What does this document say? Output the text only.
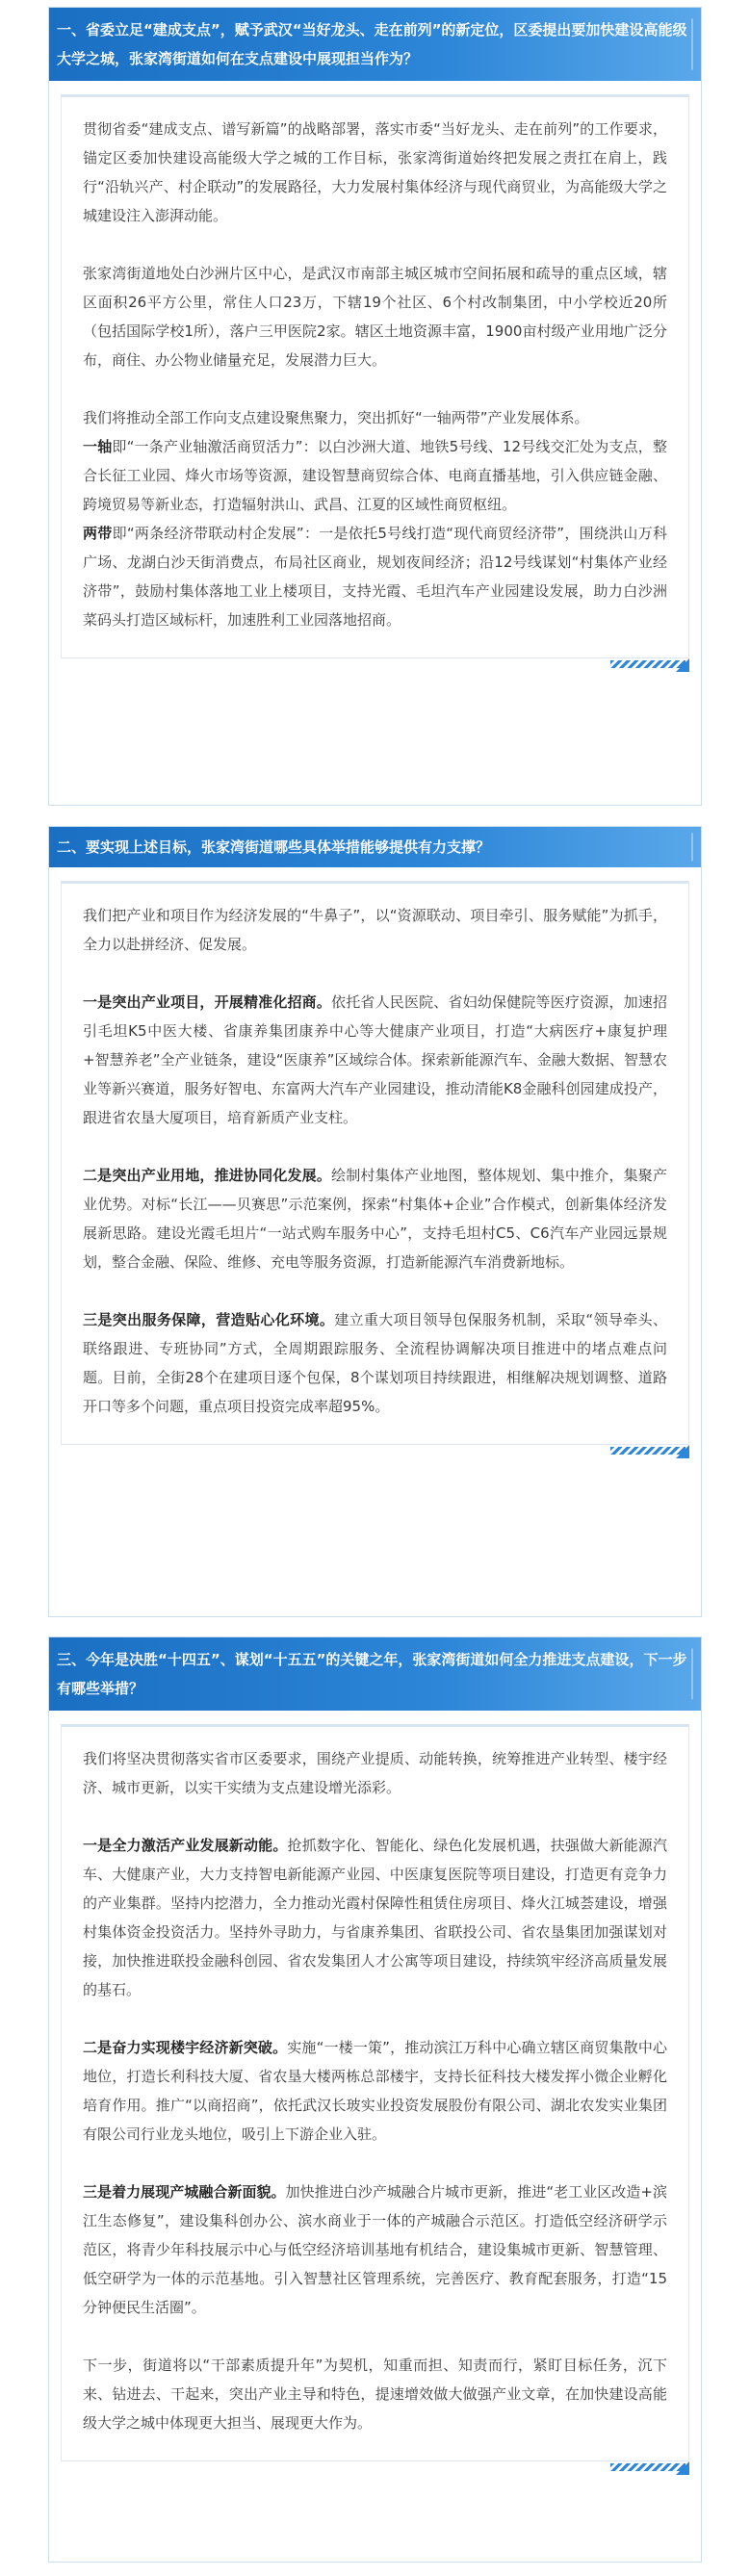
一、省委立足“建成支点”，赋予武汉“当好龙头、走在前列”的新定位，区委提出要加快建设高能级大学之城，张家湾街道如何在支点建设中展现担当作为？

贯彻省委“建成支点、谱写新篇”的战略部署，落实市委“当好龙头、走在前列”的工作要求，锚定区委加快建设高能级大学之城的工作目标，张家湾街道始终把发展之责扛在肩上，践行“沿轨兴产、村企联动”的发展路径，大力发展村集体经济与现代商贸业，为高能级大学之城建设注入澎湃动能。

张家湾街道地处白沙洲片区中心，是武汉市南部主城区城市空间拓展和疏导的重点区域，辖区面积26平方公里，常住人口23万，下辖19个社区、6个村改制集团，中小学校近20所（包括国际学校1所），落户三甲医院2家。辖区土地资源丰富，1900亩村级产业用地广泛分布，商住、办公物业储量充足，发展潜力巨大。

我们将推动全部工作向支点建设聚焦聚力，突出抓好“一轴两带”产业发展体系。

一轴即“一条产业轴激活商贸活力”：以白沙洲大道、地铁5号线、12号线交汇处为支点，整合长征工业园、烽火市场等资源，建设智慧商贸综合体、电商直播基地，引入供应链金融、跨境贸易等新业态，打造辐射洪山、武昌、江夏的区域性商贸枢纽。

两带即“两条经济带联动村企发展”：一是依托5号线打造“现代商贸经济带”，围绕洪山万科广场、龙湖白沙天街消费点，布局社区商业，规划夜间经济；沿12号线谋划“村集体产业经济带”，鼓励村集体落地工业上楼项目，支持光霞、毛坦汽车产业园建设发展，助力白沙洲菜码头打造区域标杆，加速胜利工业园落地招商。

二、要实现上述目标，张家湾街道哪些具体举措能够提供有力支撑？

我们把产业和项目作为经济发展的“牛鼻子”，以“资源联动、项目牵引、服务赋能”为抓手，全力以赴拼经济、促发展。

一是突出产业项目，开展精准化招商。依托省人民医院、省妇幼保健院等医疗资源，加速招引毛坦K5中医大楼、省康养集团康养中心等大健康产业项目，打造“大病医疗+康复护理+智慧养老”全产业链条，建设“医康养”区域综合体。探索新能源汽车、金融大数据、智慧农业等新兴赛道，服务好智电、东富两大汽车产业园建设，推动清能K8金融科创园建成投产，跟进省农垦大厦项目，培育新质产业支柱。

二是突出产业用地，推进协同化发展。绘制村集体产业地图，整体规划、集中推介，集聚产业优势。对标“长江——贝赛思”示范案例，探索“村集体+企业”合作模式，创新集体经济发展新思路。建设光霞毛坦片“一站式购车服务中心”，支持毛坦村C5、C6汽车产业园远景规划，整合金融、保险、维修、充电等服务资源，打造新能源汽车消费新地标。

三是突出服务保障，营造贴心化环境。建立重大项目领导包保服务机制，采取“领导牵头、联络跟进、专班协同”方式，全周期跟踪服务、全流程协调解决项目推进中的堵点难点问题。目前，全街28个在建项目逐个包保，8个谋划项目持续跟进，相继解决规划调整、道路开口等多个问题，重点项目投资完成率超95%。

三、今年是决胜“十四五”、谋划“十五五”的关键之年，张家湾街道如何全力推进支点建设，下一步有哪些举措？

我们将坚决贯彻落实省市区委要求，围绕产业提质、动能转换，统筹推进产业转型、楼宇经济、城市更新，以实干实绩为支点建设增光添彩。

一是全力激活产业发展新动能。抢抓数字化、智能化、绿色化发展机遇，扶强做大新能源汽车、大健康产业，大力支持智电新能源产业园、中医康复医院等项目建设，打造更有竞争力的产业集群。坚持内挖潜力，全力推动光霞村保障性租赁住房项目、烽火江城荟建设，增强村集体资金投资活力。坚持外寻助力，与省康养集团、省联投公司、省农垦集团加强谋划对接，加快推进联投金融科创园、省农发集团人才公寓等项目建设，持续筑牢经济高质量发展的基石。

二是奋力实现楼宇经济新突破。实施“一楼一策”，推动滨江万科中心确立辖区商贸集散中心地位，打造长利科技大厦、省农垦大楼两栋总部楼宇，支持长征科技大楼发挥小微企业孵化培育作用。推广“以商招商”，依托武汉长玻实业投资发展股份有限公司、湖北农发实业集团有限公司行业龙头地位，吸引上下游企业入驻。

三是着力展现产城融合新面貌。加快推进白沙产城融合片城市更新，推进“老工业区改造+滨江生态修复”，建设集科创办公、滨水商业于一体的产城融合示范区。打造低空经济研学示范区，将青少年科技展示中心与低空经济培训基地有机结合，建设集城市更新、智慧管理、低空研学为一体的示范基地。引入智慧社区管理系统，完善医疗、教育配套服务，打造“15分钟便民生活圈”。

下一步，街道将以“干部素质提升年”为契机，知重而担、知责而行，紧盯目标任务，沉下来、钻进去、干起来，突出产业主导和特色，提速增效做大做强产业文章，在加快建设高能级大学之城中体现更大担当、展现更大作为。
